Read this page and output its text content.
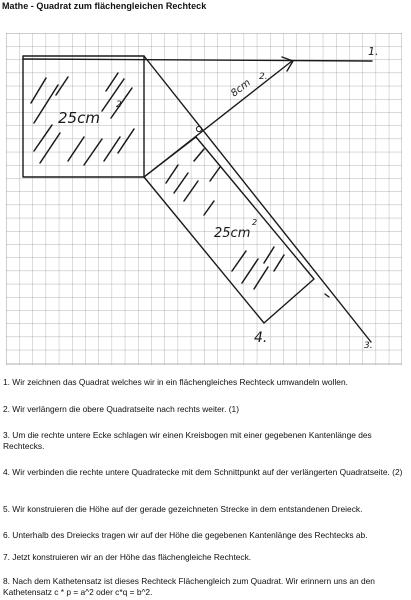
Mathe - Quadrat zum flächengleichen Rechteck
25cm
2
25cm
2
8cm
1.
2.
3.
4.

1. Wir zeichnen das Quadrat welches wir in ein flächengleiches Rechteck umwandeln wollen.

2. Wir verlängern die obere Quadratseite nach rechts weiter. (1)

3. Um die rechte untere Ecke schlagen wir einen Kreisbogen mit einer gegebenen Kantenlänge des Rechtecks.

4. Wir verbinden die rechte untere Quadratecke mit dem Schnittpunkt auf der verlängerten Quadratseite. (2)

5. Wir konstruieren die Höhe auf der gerade gezeichneten Strecke in dem entstandenen Dreieck.

6. Unterhalb des Dreiecks tragen wir auf der Höhe die gegebenen Kantenlänge des Rechtecks ab.

7. Jetzt konstruieren wir an der Höhe das flächengleiche Rechteck.

8. Nach dem Kathetensatz ist dieses Rechteck Flächengleich zum Quadrat. Wir erinnern uns an den Kathetensatz c * p = a^2 oder c*q = b^2.
